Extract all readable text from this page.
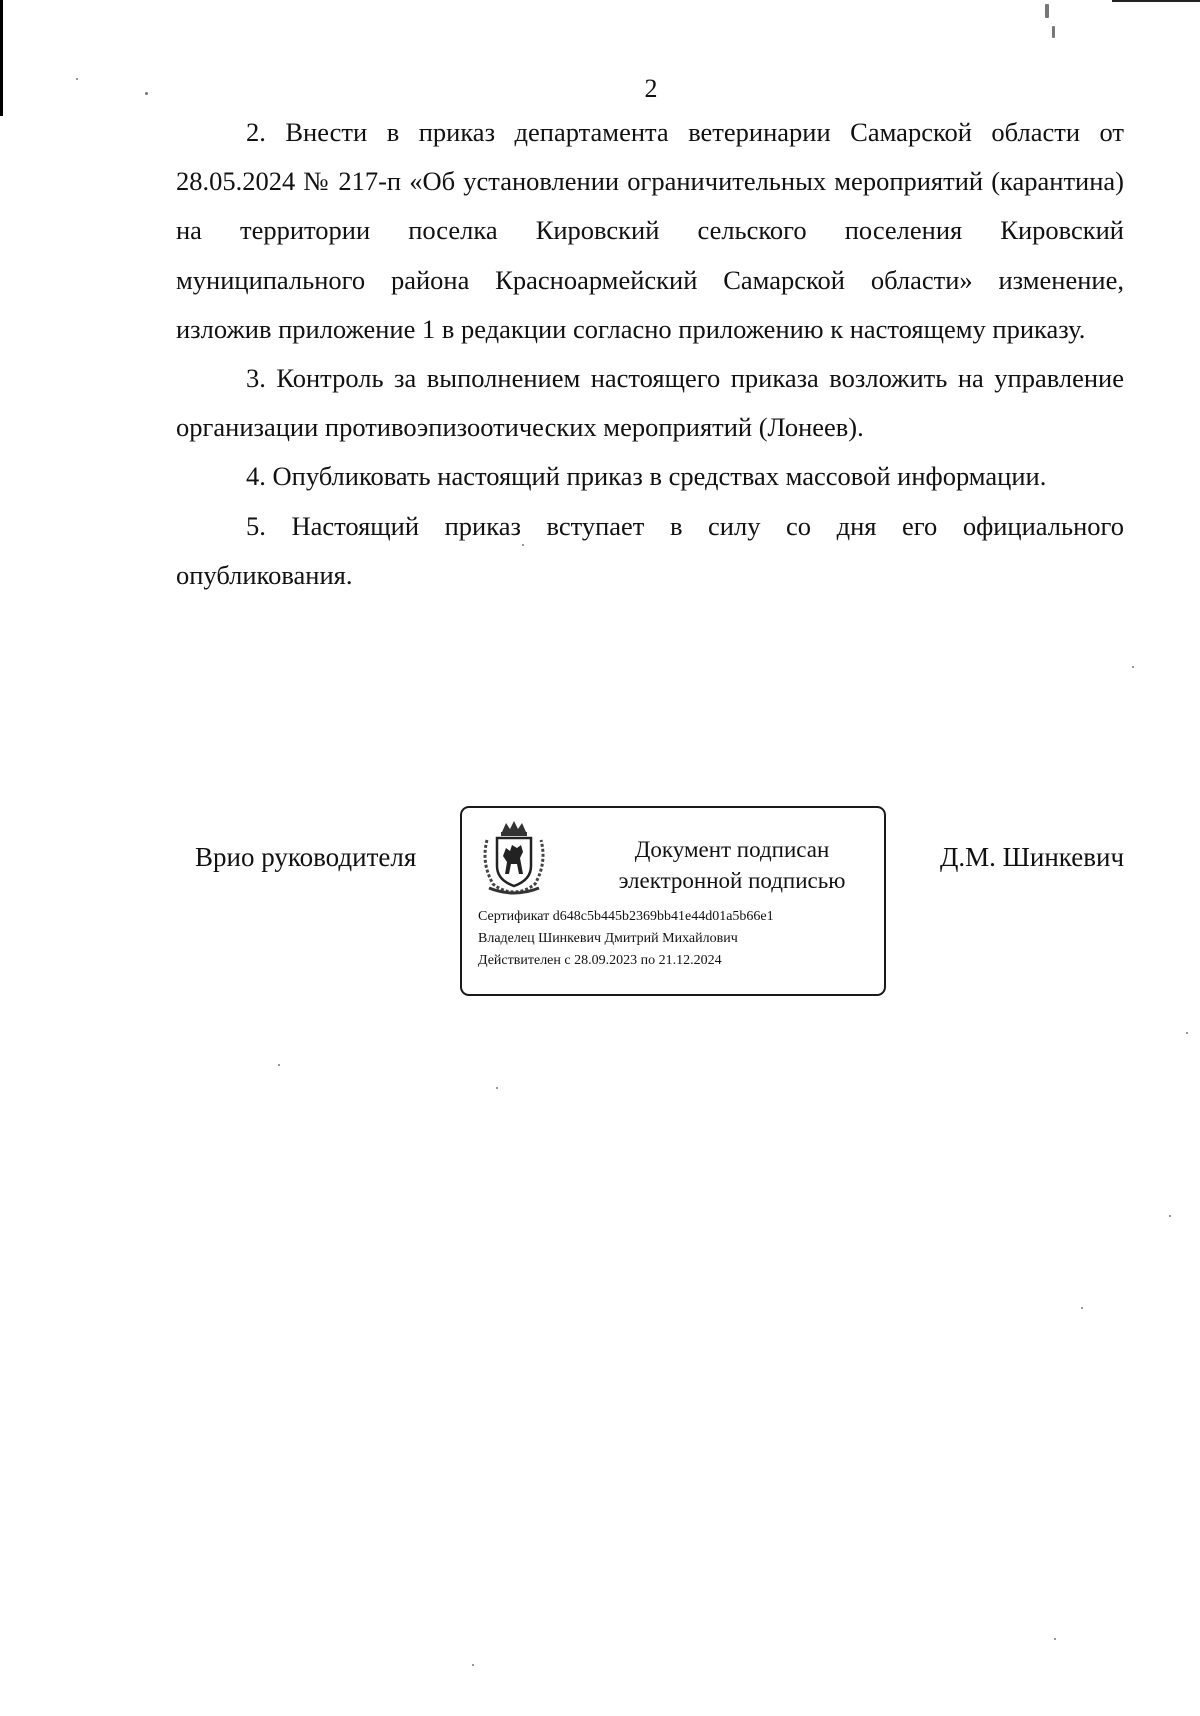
2

2. Внести в приказ департамента ветеринарии Самарской области от 28.05.2024 № 217-п «Об установлении ограничительных мероприятий (карантина) на территории поселка Кировский сельского поселения Кировский муниципального района Красноармейский Самарской области» изменение, изложив приложение 1 в редакции согласно приложению к настоящему приказу.

3. Контроль за выполнением настоящего приказа возложить на управление организации противоэпизоотических мероприятий (Лонеев).

4. Опубликовать настоящий приказ в средствах массовой информации.

5. Настоящий приказ вступает в силу со дня его официального опубликования.

Врио руководителя	Документ подписан
электронной подписью
Сертификат d648c5b445b2369bb41e44d01a5b66e1
Владелец Шинкевич Дмитрий Михайлович
Действителен с 28.09.2023 по 21.12.2024
Д.М. Шинкевич
